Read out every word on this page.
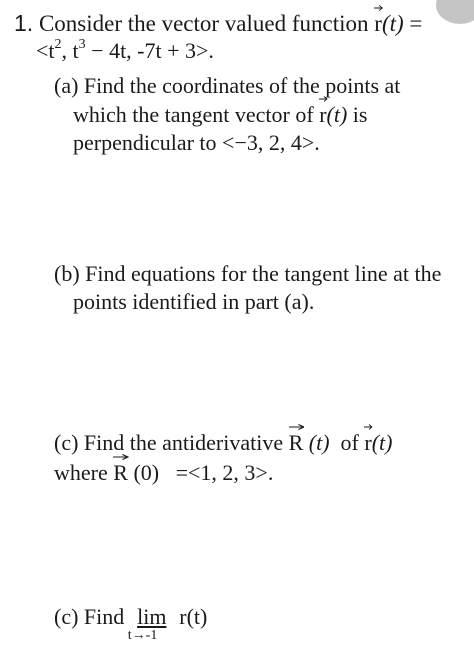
1. Consider the vector valued function r
(t) =
$<t^2$, $t^3 - 4t$, -7t + 3>.
(a) Find the coordinates of the points at
which the tangent vector of r
(t) is
perpendicular to <−3, 2, 4>.
(b) Find equations for the tangent line at the
points identified in part (a).
(c) Find the antiderivative R
(t) of r
(t)
where R
(0) =<1, 2, 3>.
(c) Find lim
t→-1
r(t)
